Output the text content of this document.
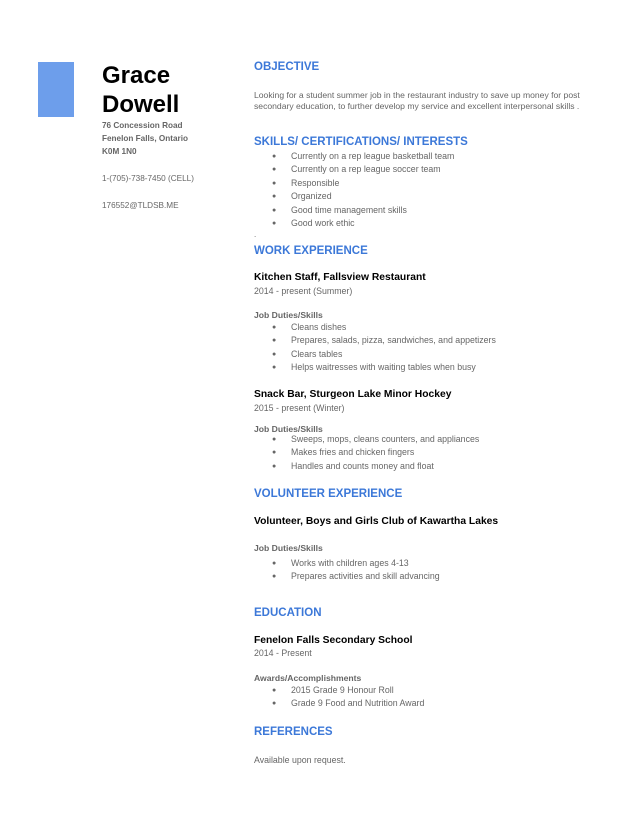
Grace
Dowell
76 Concession Road
Fenelon Falls, Ontario
K0M 1N0
1-(705)-738-7450 (CELL)
176552@TLDSB.ME
OBJECTIVE
Looking for a student summer job in the restaurant industry to save up money for post secondary education, to further develop my service and excellent interpersonal skills .
SKILLS/ CERTIFICATIONS/ INTERESTS
● Currently on a rep league basketball team
● Currently on a rep league soccer team
● Responsible
● Organized
● Good time management skills
● Good work ethic
.
WORK EXPERIENCE
Kitchen Staff, Fallsview Restaurant
2014 - present (Summer)
Job Duties/Skills
● Cleans dishes
● Prepares, salads, pizza, sandwiches, and appetizers
● Clears tables
● Helps waitresses with waiting tables when busy
Snack Bar, Sturgeon Lake Minor Hockey
2015 - present (Winter)
Job Duties/Skills
● Sweeps, mops, cleans counters, and appliances
● Makes fries and chicken fingers
● Handles and counts money and float
VOLUNTEER EXPERIENCE
Volunteer, Boys and Girls Club of Kawartha Lakes
Job Duties/Skills
● Works with children ages 4-13
● Prepares activities and skill advancing
EDUCATION
Fenelon Falls Secondary School
2014 - Present
Awards/Accomplishments
● 2015 Grade 9 Honour Roll
● Grade 9 Food and Nutrition Award
REFERENCES
Available upon request.
